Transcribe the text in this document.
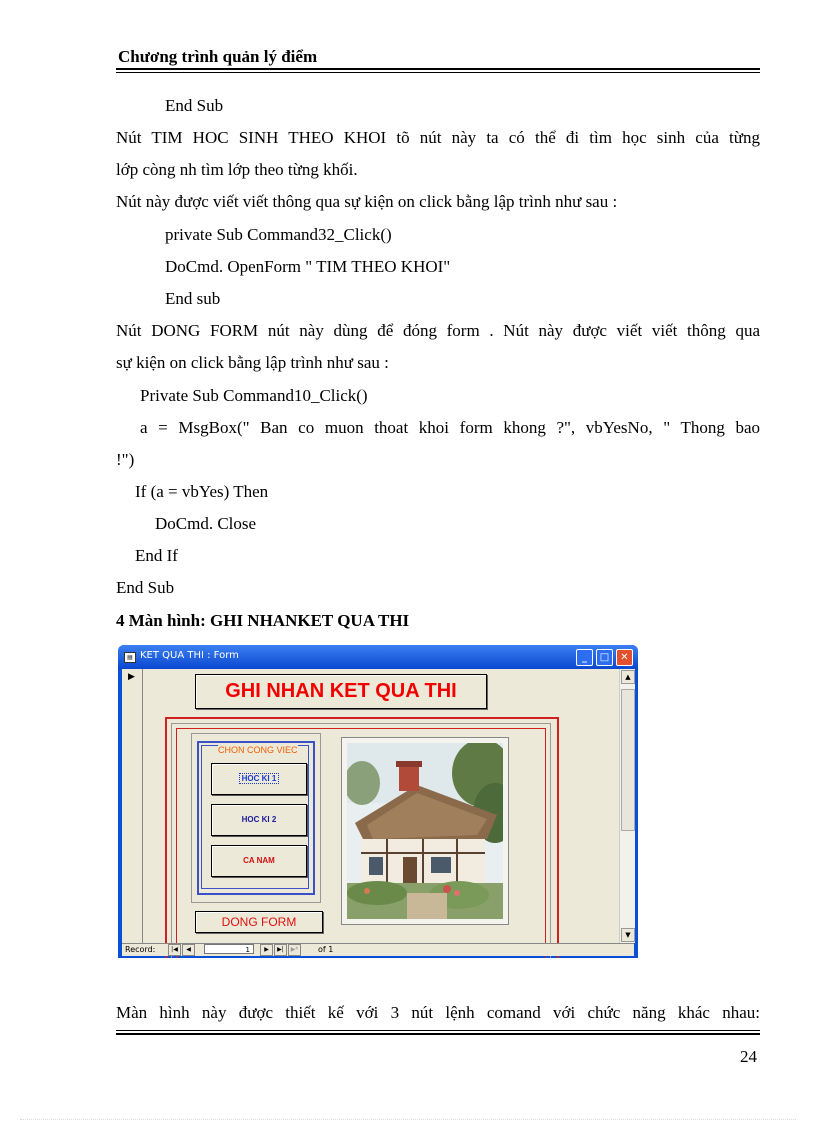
Chương trình quản lý điểm
End Sub
Nút TIM HOC SINH THEO KHOI tõ nút này ta có thể đi tìm học sinh của từng
lớp còng nh tìm lớp theo từng khối.
Nút này được viết viết thông qua sự kiện on click bằng lập trình như sau :
private Sub Command32_Click()
DoCmd. OpenForm " TIM THEO KHOI"
End sub
Nút DONG FORM nút này dùng để đóng form . Nút này được viết viết thông qua
sự kiện on click bằng lập trình như sau :
Private Sub Command10_Click()
a = MsgBox(" Ban co muon thoat khoi form khong ?", vbYesNo, " Thong bao
!")
If (a = vbYes) Then
DoCmd. Close
End If
End Sub
4 Màn hình: GHI NHANKET QUA THI
▤ KET QUA THI : Form	_	□	✕
▶
GHI NHAN KET QUA THI
CHON CONG VIEC
HOC KI 1
HOC KI 2
CA NAM
DONG FORM
▲
▼
Record:	|◀	◀	1	▶	▶|	▶*	of 1
Màn hình này được thiết kế với 3 nút lệnh comand với chức năng khác nhau:
24
